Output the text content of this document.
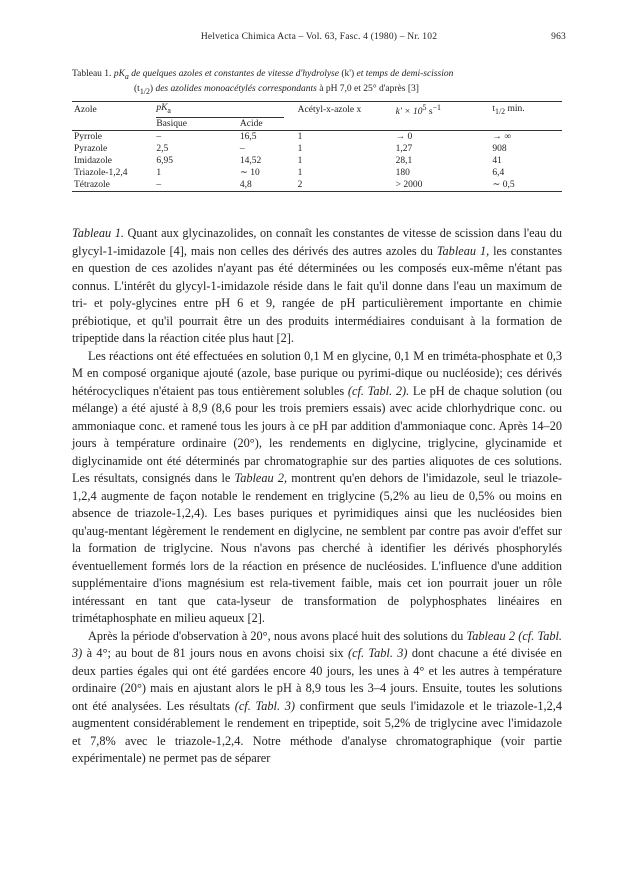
Helvetica Chimica Acta – Vol. 63, Fasc. 4 (1980) – Nr. 102	963
Tableau 1. $pK_a$ de quelques azoles et constantes de vitesse d'hydrolyse (k') et temps de demi-scission
$(t_{1/2})$ des azolides monoacétylés correspondants à pH 7,0 et 25° d'après [3]
Azole	$pK_a$		Acétyl-x-azole x	$k' \times 10^5$ $s^{-1}$	$t_{1/2}$ min.
	Basique	Acide			
Pyrrole	–	16,5	1	→ 0	→ ∞
Pyrazole	2,5	–	1	1,27	908
Imidazole	6,95	14,52	1	28,1	41
Triazole-1,2,4	1	∼ 10	1	180	6,4
Tétrazole	–	4,8	2	> 2000	∼ 0,5

Tableau 1. Quant aux glycinazolides, on connaît les constantes de vitesse de scission dans l'eau du glycyl-1-imidazole [4], mais non celles des dérivés des autres azoles du Tableau 1, les constantes en question de ces azolides n'ayant pas été déterminées ou les composés eux-même n'étant pas connus. L'intérêt du glycyl-1-imidazole réside dans le fait qu'il donne dans l'eau un maximum de tri- et poly-glycines entre pH 6 et 9, rangée de pH particulièrement importante en chimie prébiotique, et qu'il pourrait être un des produits intermédiaires conduisant à la formation de tripeptide dans la réaction citée plus haut [2].

Les réactions ont été effectuées en solution 0,1 M en glycine, 0,1 M en triméta-phosphate et 0,3 M en composé organique ajouté (azole, base purique ou pyrimi-dique ou nucléoside); ces dérivés hétérocycliques n'étaient pas tous entièrement solubles (cf. Tabl. 2). Le pH de chaque solution (ou mélange) a été ajusté à 8,9 (8,6 pour les trois premiers essais) avec acide chlorhydrique conc. ou ammoniaque conc. et ramené tous les jours à ce pH par addition d'ammoniaque conc. Après 14–20 jours à température ordinaire (20°), les rendements en diglycine, triglycine, glycinamide et diglycinamide ont été déterminés par chromatographie sur des parties aliquotes de ces solutions. Les résultats, consignés dans le Tableau 2, montrent qu'en dehors de l'imidazole, seul le triazole-1,2,4 augmente de façon notable le rendement en triglycine (5,2% au lieu de 0,5% ou moins en absence de triazole-1,2,4). Les bases puriques et pyrimidiques ainsi que les nucléosides bien qu'aug-mentant légèrement le rendement en diglycine, ne semblent par contre pas avoir d'effet sur la formation de triglycine. Nous n'avons pas cherché à identifier les dérivés phosphorylés éventuellement formés lors de la réaction en présence de nucléosides. L'influence d'une addition supplémentaire d'ions magnésium est rela-tivement faible, mais cet ion pourrait jouer un rôle intéressant en tant que cata-lyseur de transformation de polyphosphates linéaires en trimétaphosphate en milieu aqueux [2].

Après la période d'observation à 20°, nous avons placé huit des solutions du Tableau 2 (cf. Tabl. 3) à 4°; au bout de 81 jours nous en avons choisi six (cf. Tabl. 3) dont chacune a été divisée en deux parties égales qui ont été gardées encore 40 jours, les unes à 4° et les autres à température ordinaire (20°) mais en ajustant alors le pH à 8,9 tous les 3–4 jours. Ensuite, toutes les solutions ont été analysées. Les résultats (cf. Tabl. 3) confirment que seuls l'imidazole et le triazole-1,2,4 augmentent considérablement le rendement en tripeptide, soit 5,2% de triglycine avec l'imidazole et 7,8% avec le triazole-1,2,4. Notre méthode d'analyse chromatographique (voir partie expérimentale) ne permet pas de séparer
